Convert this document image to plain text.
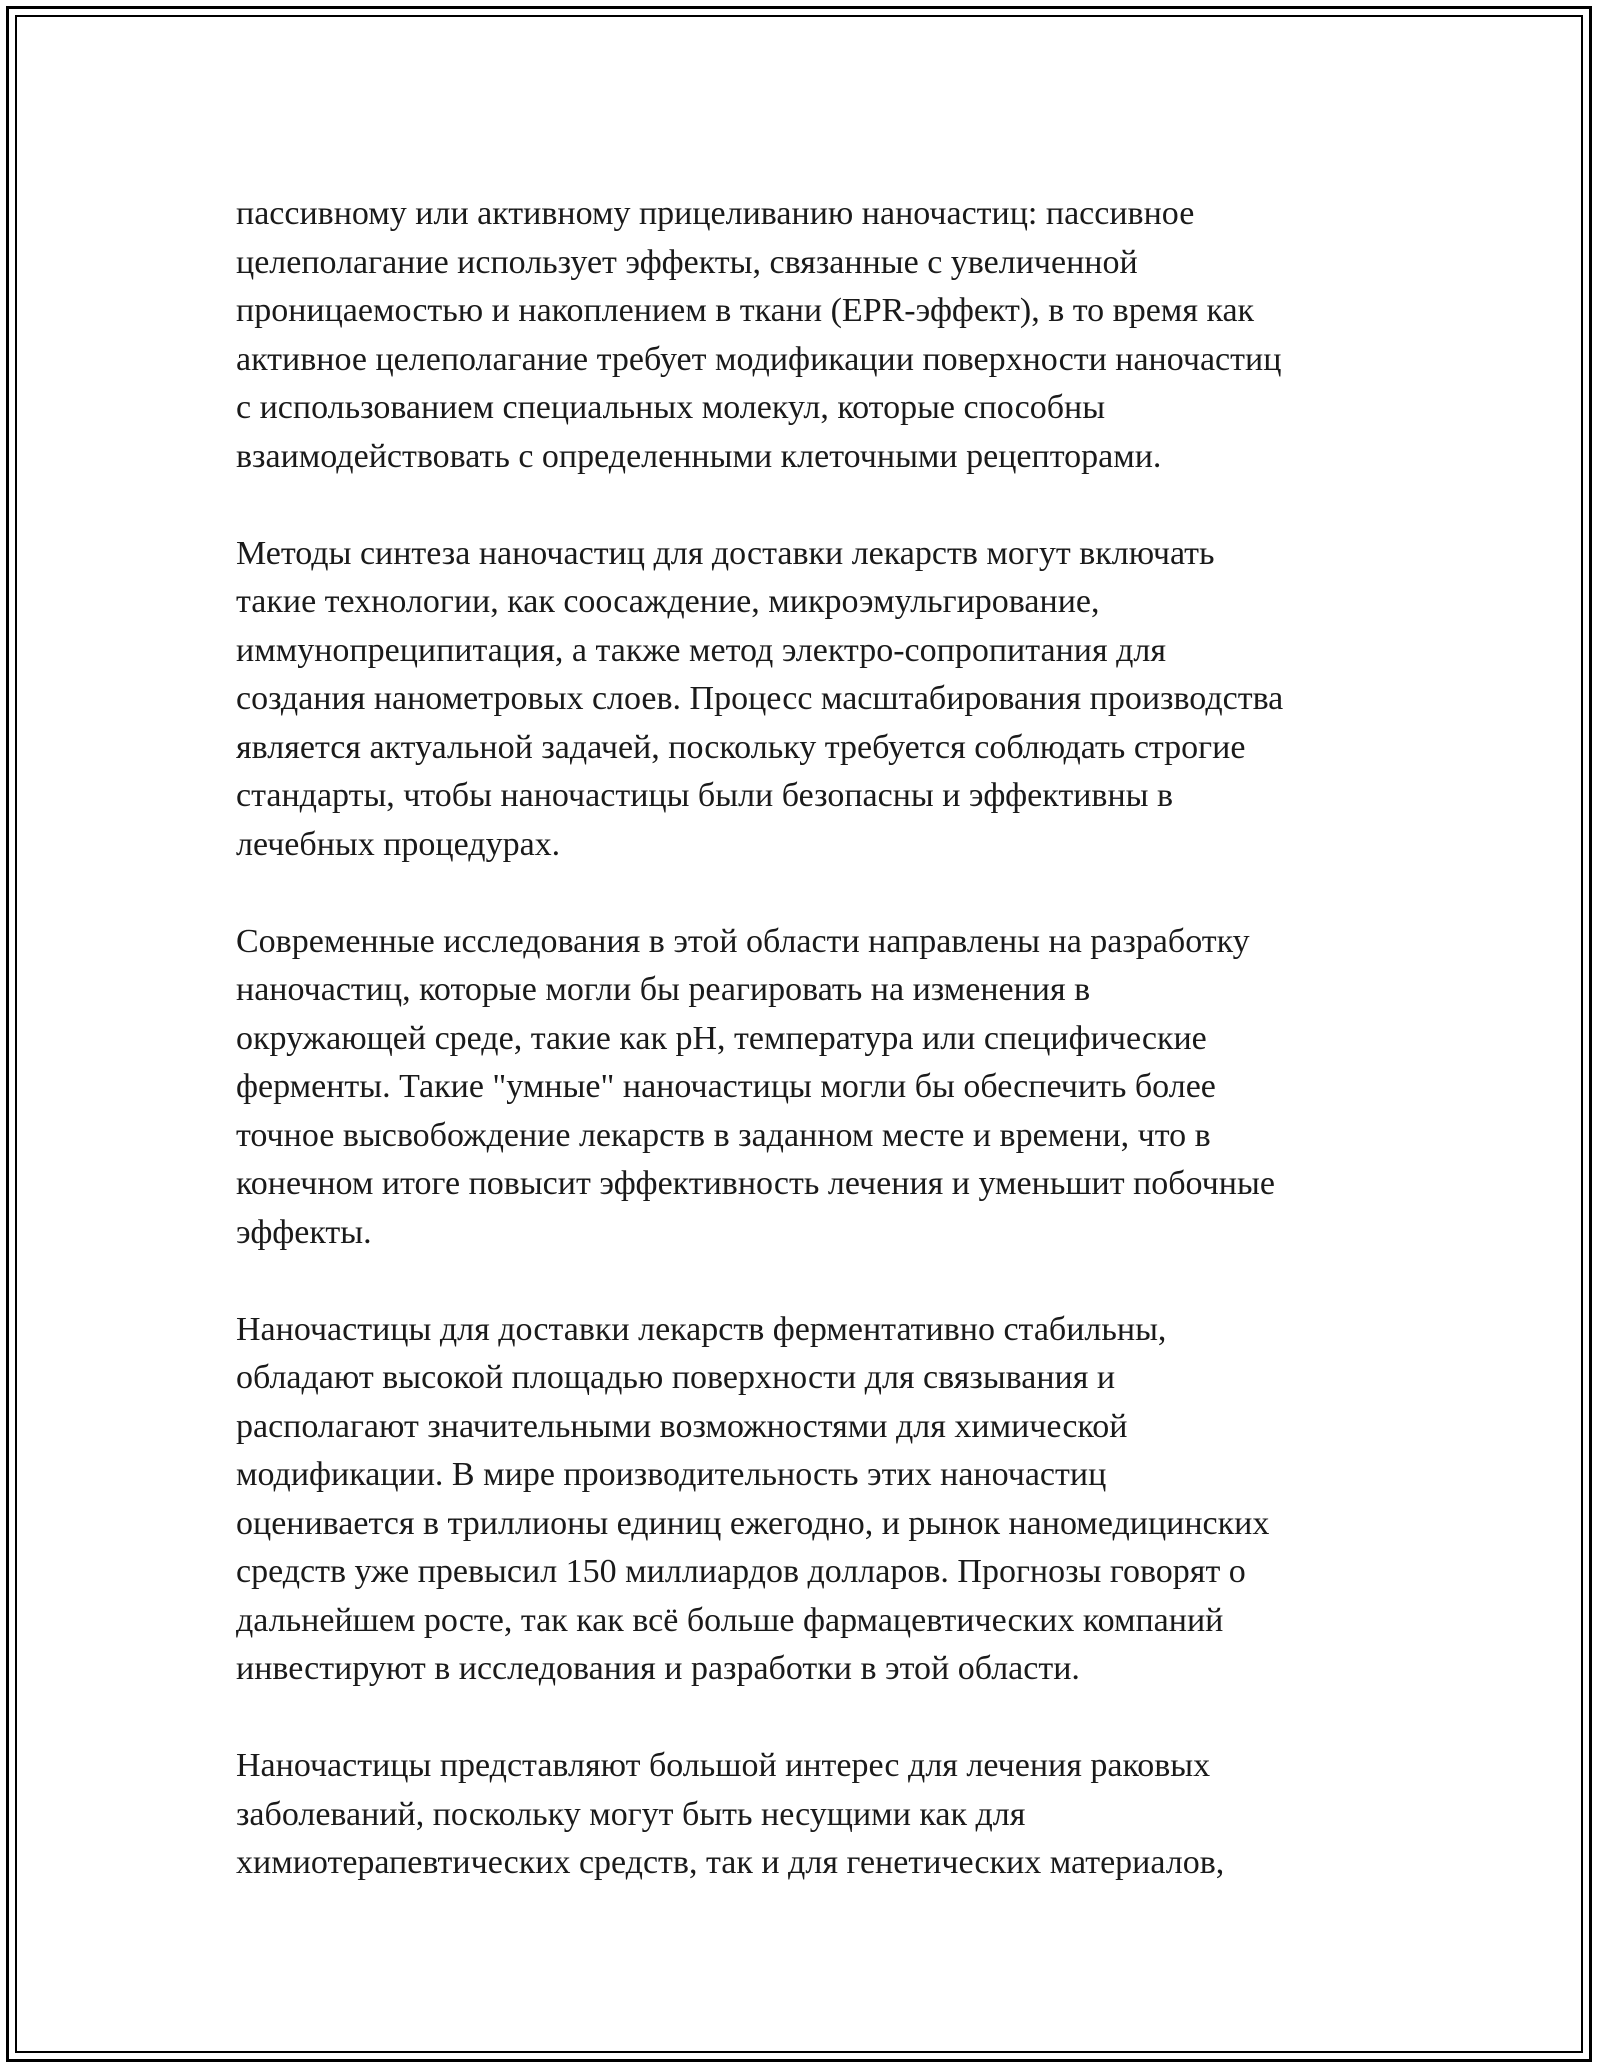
пассивному или активному прицеливанию наночастиц: пассивное
целеполагание использует эффекты, связанные с увеличенной
проницаемостью и накоплением в ткани (EPR-эффект), в то время как
активное целеполагание требует модификации поверхности наночастиц
с использованием специальных молекул, которые способны
взаимодействовать с определенными клеточными рецепторами.

Методы синтеза наночастиц для доставки лекарств могут включать
такие технологии, как соосаждение, микроэмульгирование,
иммунопреципитация, а также метод электро-сопропитания для
создания нанометровых слоев. Процесс масштабирования производства
является актуальной задачей, поскольку требуется соблюдать строгие
стандарты, чтобы наночастицы были безопасны и эффективны в
лечебных процедурах.

Современные исследования в этой области направлены на разработку
наночастиц, которые могли бы реагировать на изменения в
окружающей среде, такие как pH, температура или специфические
ферменты. Такие "умные" наночастицы могли бы обеспечить более
точное высвобождение лекарств в заданном месте и времени, что в
конечном итоге повысит эффективность лечения и уменьшит побочные
эффекты.

Наночастицы для доставки лекарств ферментативно стабильны,
обладают высокой площадью поверхности для связывания и
располагают значительными возможностями для химической
модификации. В мире производительность этих наночастиц
оценивается в триллионы единиц ежегодно, и рынок наномедицинских
средств уже превысил 150 миллиардов долларов. Прогнозы говорят о
дальнейшем росте, так как всё больше фармацевтических компаний
инвестируют в исследования и разработки в этой области.

Наночастицы представляют большой интерес для лечения раковых
заболеваний, поскольку могут быть несущими как для
химиотерапевтических средств, так и для генетических материалов,
